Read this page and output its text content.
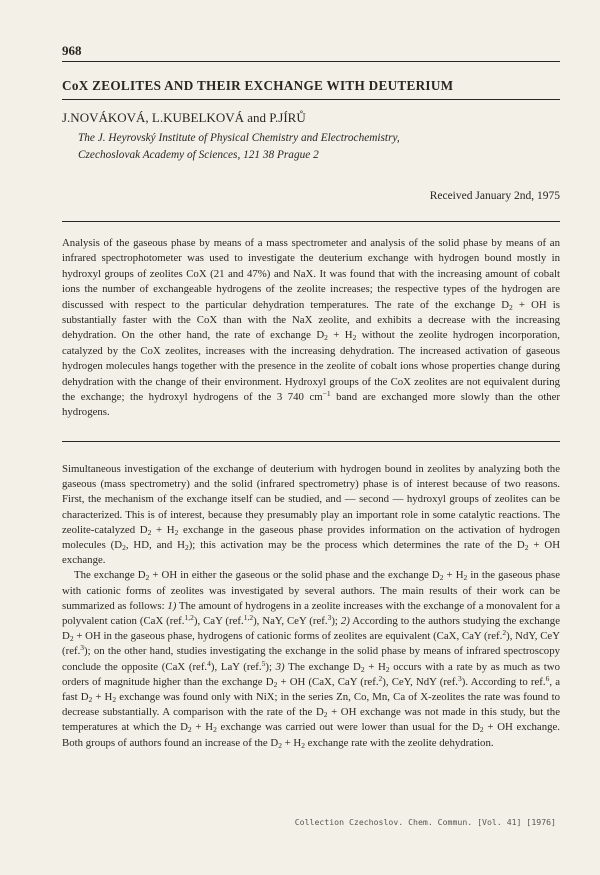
968
CoX ZEOLITES AND THEIR EXCHANGE WITH DEUTERIUM
J.NOVÁKOVÁ, L.KUBELKOVÁ and P.JÍRŮ
The J. Heyrovský Institute of Physical Chemistry and Electrochemistry,
Czechoslovak Academy of Sciences, 121 38 Prague 2
Received January 2nd, 1975

Analysis of the gaseous phase by means of a mass spectrometer and analysis of the solid phase by means of an infrared spectrophotometer was used to investigate the deuterium exchange with hydrogen bound mostly in hydroxyl groups of zeolites CoX (21 and 47%) and NaX. It was found that with the increasing amount of cobalt ions the number of exchangeable hydrogens of the zeolite increases; the respective types of the hydrogen are discussed with respect to the particular dehydration temperatures. The rate of the exchange $D_2$ + OH is substantially faster with the CoX than with the NaX zeolite, and exhibits a decrease with the increasing dehydration. On the other hand, the rate of exchange $D_2 + H_2$ without the zeolite hydrogen incorporation, catalyzed by the CoX zeolites, increases with the increasing dehydration. The increased activation of gaseous hydrogen molecules hangs together with the presence in the zeolite of cobalt ions whose properties change during dehydration with the change of their environment. Hydroxyl groups of the CoX zeolites are not equivalent during the exchange; the hydroxyl hydrogens of the 3 740 $cm^{-1}$ band are exchanged more slowly than the other hydrogens.

Simultaneous investigation of the exchange of deuterium with hydrogen bound in zeolites by analyzing both the gaseous (mass spectrometry) and the solid (infrared spectrometry) phase is of interest because of two reasons. First, the mechanism of the exchange itself can be studied, and — second — hydroxyl groups of zeolites can be characterized. This is of interest, because they presumably play an important role in some catalytic reactions. The zeolite-catalyzed $D_2 + H_2$ exchange in the gaseous phase provides information on the activation of hydrogen molecules ($D_2$, HD, and $H_2$); this activation may be the process which determines the rate of the $D_2$ + OH exchange.

The exchange $D_2$ + OH in either the gaseous or the solid phase and the exchange $D_2 + H_2$ in the gaseous phase with cationic forms of zeolites was investigated by several authors. The main results of their work can be summarized as follows: 1) The amount of hydrogens in a zeolite increases with the exchange of a monovalent for a polyvalent cation (CaX (ref.$^{1,2}$), CaY (ref.$^{1,2}$), NaY, CeY (ref.$^3$); 2) According to the authors studying the exchange $D_2$ + OH in the gaseous phase, hydrogens of cationic forms of zeolites are equivalent (CaX, CaY (ref.$^2$), NdY, CeY (ref.$^3$); on the other hand, studies investigating the exchange in the solid phase by means of infrared spectroscopy conclude the opposite (CaX (ref.$^4$), LaY (ref.$^5$); 3) The exchange $D_2 + H_2$ occurs with a rate by as much as two orders of magnitude higher than the exchange $D_2$ + OH (CaX, CaY (ref.$^2$), CeY, NdY (ref.$^3$). According to ref.$^6$, a fast $D_2 + H_2$ exchange was found only with NiX; in the series Zn, Co, Mn, Ca of X-zeolites the rate was found to decrease substantially. A comparison with the rate of the $D_2$ + OH exchange was not made in this study, but the temperatures at which the $D_2 + H_2$ exchange was carried out were lower than usual for the $D_2$ + OH exchange. Both groups of authors found an increase of the $D_2 + H_2$ exchange rate with the zeolite dehydration.

Collection Czechoslov. Chem. Commun. [Vol. 41] [1976]
